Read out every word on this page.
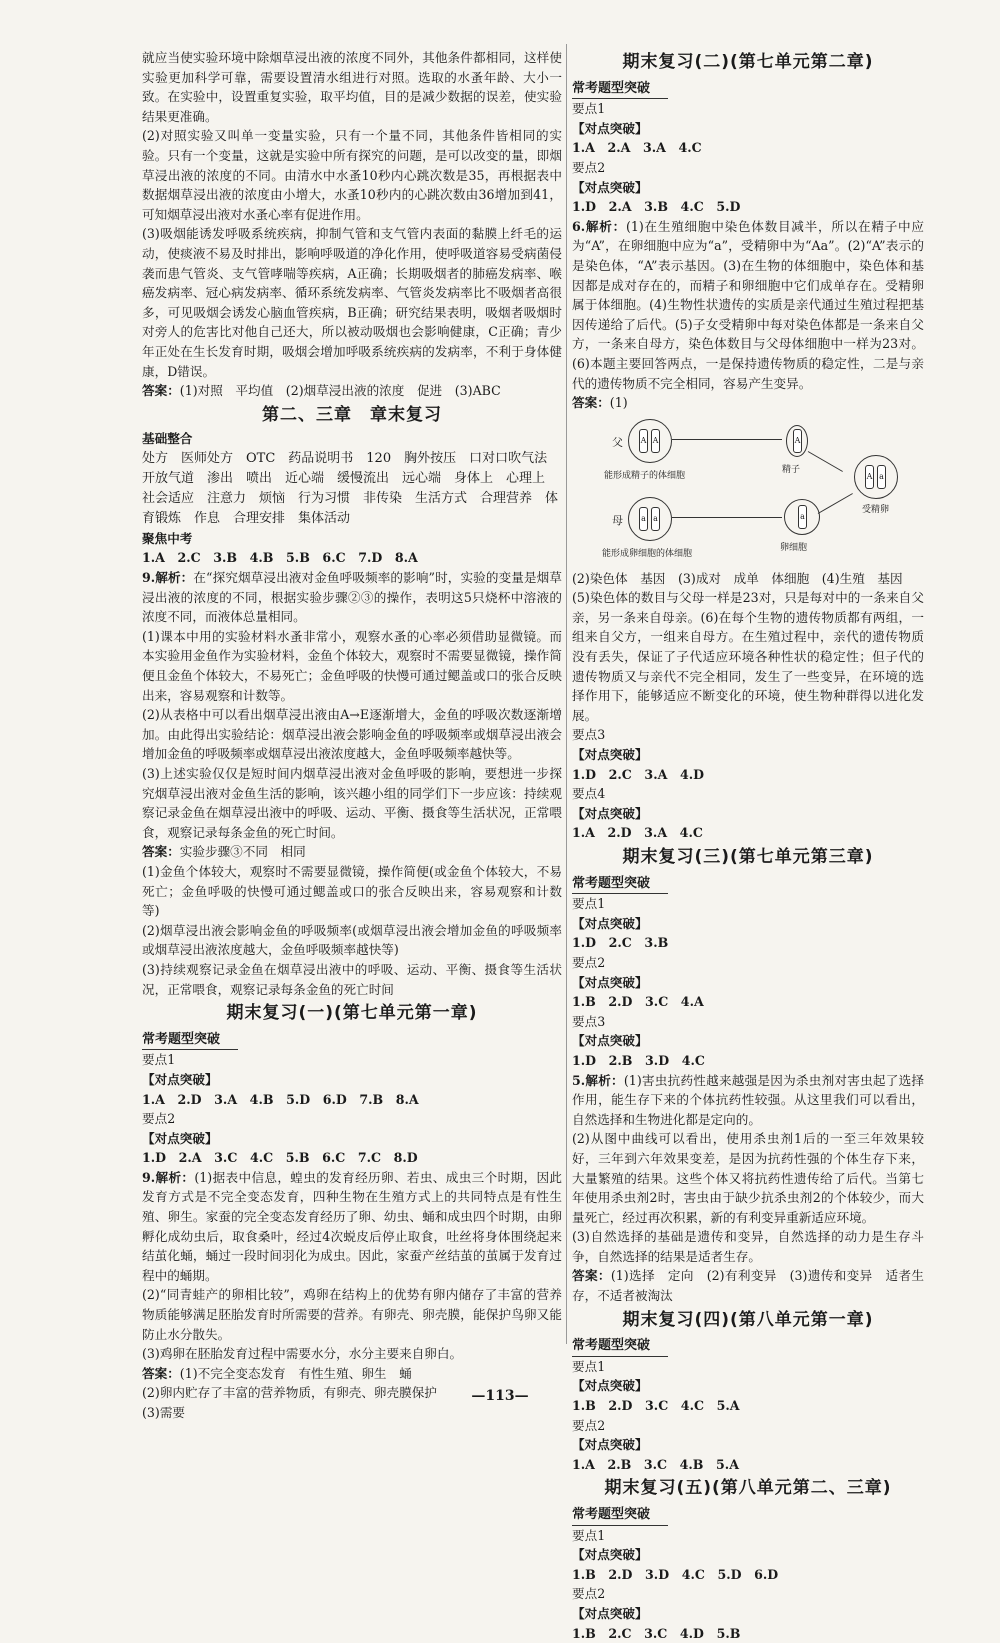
就应当使实验环境中除烟草浸出液的浓度不同外，其他条件都相同，这样使实验更加科学可靠，需要设置清水组进行对照。选取的水蚤年龄、大小一致。在实验中，设置重复实验，取平均值，目的是减少数据的误差，使实验结果更准确。

(2)对照实验又叫单一变量实验，只有一个量不同，其他条件皆相同的实验。只有一个变量，这就是实验中所有探究的问题，是可以改变的量，即烟草浸出液的浓度的不同。由清水中水蚤10秒内心跳次数是35，再根据表中数据烟草浸出液的浓度由小增大，水蚤10秒内的心跳次数由36增加到41，可知烟草浸出液对水蚤心率有促进作用。

(3)吸烟能诱发呼吸系统疾病，抑制气管和支气管内表面的黏膜上纤毛的运动，使痰液不易及时排出，影响呼吸道的净化作用，使呼吸道容易受病菌侵袭而患气管炎、支气管哮喘等疾病，A正确；长期吸烟者的肺癌发病率、喉癌发病率、冠心病发病率、循环系统发病率、气管炎发病率比不吸烟者高很多，可见吸烟会诱发心脑血管疾病，B正确；研究结果表明，吸烟者吸烟时对旁人的危害比对他自己还大，所以被动吸烟也会影响健康，C正确；青少年正处在生长发育时期，吸烟会增加呼吸系统疾病的发病率，不利于身体健康，D错误。

答案：(1)对照　平均值　(2)烟草浸出液的浓度　促进　(3)ABC

第二、三章　章末复习
基础整合
处方　医师处方　OTC　药品说明书　120　胸外按压　口对口吹气法　开放气道　渗出　喷出　近心端　缓慢流出　远心端　身体上　心理上　社会适应　注意力　烦恼　行为习惯　非传染　生活方式　合理营养　体育锻炼　作息　合理安排　集体活动
聚焦中考
1.A　2.C　3.B　4.B　5.B　6.C　7.D　8.A

9.解析：在“探究烟草浸出液对金鱼呼吸频率的影响”时，实验的变量是烟草浸出液的浓度的不同，根据实验步骤②③的操作，表明这5只烧杯中溶液的浓度不同，而液体总量相同。

(1)课本中用的实验材料水蚤非常小，观察水蚤的心率必须借助显微镜。而本实验用金鱼作为实验材料，金鱼个体较大，观察时不需要显微镜，操作简便且金鱼个体较大，不易死亡；金鱼呼吸的快慢可通过鳃盖或口的张合反映出来，容易观察和计数等。

(2)从表格中可以看出烟草浸出液由A→E逐渐增大，金鱼的呼吸次数逐渐增加。由此得出实验结论：烟草浸出液会影响金鱼的呼吸频率或烟草浸出液会增加金鱼的呼吸频率或烟草浸出液浓度越大，金鱼呼吸频率越快等。

(3)上述实验仅仅是短时间内烟草浸出液对金鱼呼吸的影响，要想进一步探究烟草浸出液对金鱼生活的影响，该兴趣小组的同学们下一步应该：持续观察记录金鱼在烟草浸出液中的呼吸、运动、平衡、摄食等生活状况，正常喂食，观察记录每条金鱼的死亡时间。

答案：实验步骤③不同　相同

(1)金鱼个体较大，观察时不需要显微镜，操作简便(或金鱼个体较大，不易死亡；金鱼呼吸的快慢可通过鳃盖或口的张合反映出来，容易观察和计数等)

(2)烟草浸出液会影响金鱼的呼吸频率(或烟草浸出液会增加金鱼的呼吸频率或烟草浸出液浓度越大，金鱼呼吸频率越快等)

(3)持续观察记录金鱼在烟草浸出液中的呼吸、运动、平衡、摄食等生活状况，正常喂食，观察记录每条金鱼的死亡时间

期末复习(一)(第七单元第一章)
常考题型突破
要点1
【对点突破】
1.A　2.D　3.A　4.B　5.D　6.D　7.B　8.A
要点2
【对点突破】
1.D　2.A　3.C　4.C　5.B　6.C　7.C　8.D

9.解析：(1)据表中信息，蝗虫的发育经历卵、若虫、成虫三个时期，因此发育方式是不完全变态发育，四种生物在生殖方式上的共同特点是有性生殖、卵生。家蚕的完全变态发育经历了卵、幼虫、蛹和成虫四个时期，由卵孵化成幼虫后，取食桑叶，经过4次蜕皮后停止取食，吐丝将身体围绕起来结茧化蛹，蛹过一段时间羽化为成虫。因此，家蚕产丝结茧的茧属于发育过程中的蛹期。

(2)“同青蛙产的卵相比较”，鸡卵在结构上的优势有卵内储存了丰富的营养物质能够满足胚胎发育时所需要的营养。有卵壳、卵壳膜，能保护鸟卵又能防止水分散失。

(3)鸡卵在胚胎发育过程中需要水分，水分主要来自卵白。

答案：(1)不完全变态发育　有性生殖、卵生　蛹

(2)卵内贮存了丰富的营养物质，有卵壳、卵壳膜保护

(3)需要

期末复习(二)(第七单元第二章)
常考题型突破
要点1
【对点突破】
1.A　2.A　3.A　4.C
要点2
【对点突破】
1.D　2.A　3.B　4.C　5.D

6.解析：(1)在生殖细胞中染色体数目减半，所以在精子中应为“A”，在卵细胞中应为“a”，受精卵中为“Aa”。(2)“A”表示的是染色体，“A”表示基因。(3)在生物的体细胞中，染色体和基因都是成对存在的，而精子和卵细胞中它们成单存在。受精卵属于体细胞。(4)生物性状遗传的实质是亲代通过生殖过程把基因传递给了后代。(5)子女受精卵中每对染色体都是一条来自父方，一条来自母方，染色体数目与父母体细胞中一样为23对。(6)本题主要回答两点，一是保持遗传物质的稳定性，二是与亲代的遗传物质不完全相同，容易产生变异。

答案：(1)

父 A A
能形成精子的体细胞
A
精子
A a
受精卵
母 a a
能形成卵细胞的体细胞
a
卵细胞

(2)染色体　基因　(3)成对　成单　体细胞　(4)生殖　基因

(5)染色体的数目与父母一样是23对，只是每对中的一条来自父亲，另一条来自母亲。(6)在每个生物的遗传物质都有两组，一组来自父方，一组来自母方。在生殖过程中，亲代的遗传物质没有丢失，保证了子代适应环境各种性状的稳定性；但子代的遗传物质又与亲代不完全相同，发生了一些变异，在环境的选择作用下，能够适应不断变化的环境，使生物种群得以进化发展。

要点3
【对点突破】
1.D　2.C　3.A　4.D
要点4
【对点突破】
1.A　2.D　3.A　4.C
期末复习(三)(第七单元第三章)
常考题型突破
要点1
【对点突破】
1.D　2.C　3.B
要点2
【对点突破】
1.B　2.D　3.C　4.A
要点3
【对点突破】
1.D　2.B　3.D　4.C

5.解析：(1)害虫抗药性越来越强是因为杀虫剂对害虫起了选择作用，能生存下来的个体抗药性较强。从这里我们可以看出，自然选择和生物进化都是定向的。

(2)从图中曲线可以看出，使用杀虫剂1后的一至三年效果较好，三年到六年效果变差，是因为抗药性强的个体生存下来，大量繁殖的结果。这些个体又将抗药性遗传给了后代。当第七年使用杀虫剂2时，害虫由于缺少抗杀虫剂2的个体较少，而大量死亡，经过再次积累，新的有利变异重新适应环境。

(3)自然选择的基础是遗传和变异，自然选择的动力是生存斗争，自然选择的结果是适者生存。

答案：(1)选择　定向　(2)有利变异　(3)遗传和变异　适者生存，不适者被淘汰

期末复习(四)(第八单元第一章)
常考题型突破
要点1
【对点突破】
1.B　2.D　3.C　4.C　5.A
要点2
【对点突破】
1.A　2.B　3.C　4.B　5.A
期末复习(五)(第八单元第二、三章)
常考题型突破
要点1
【对点突破】
1.B　2.D　3.D　4.C　5.D　6.D
要点2
【对点突破】
1.B　2.C　3.C　4.D　5.B
—113—
